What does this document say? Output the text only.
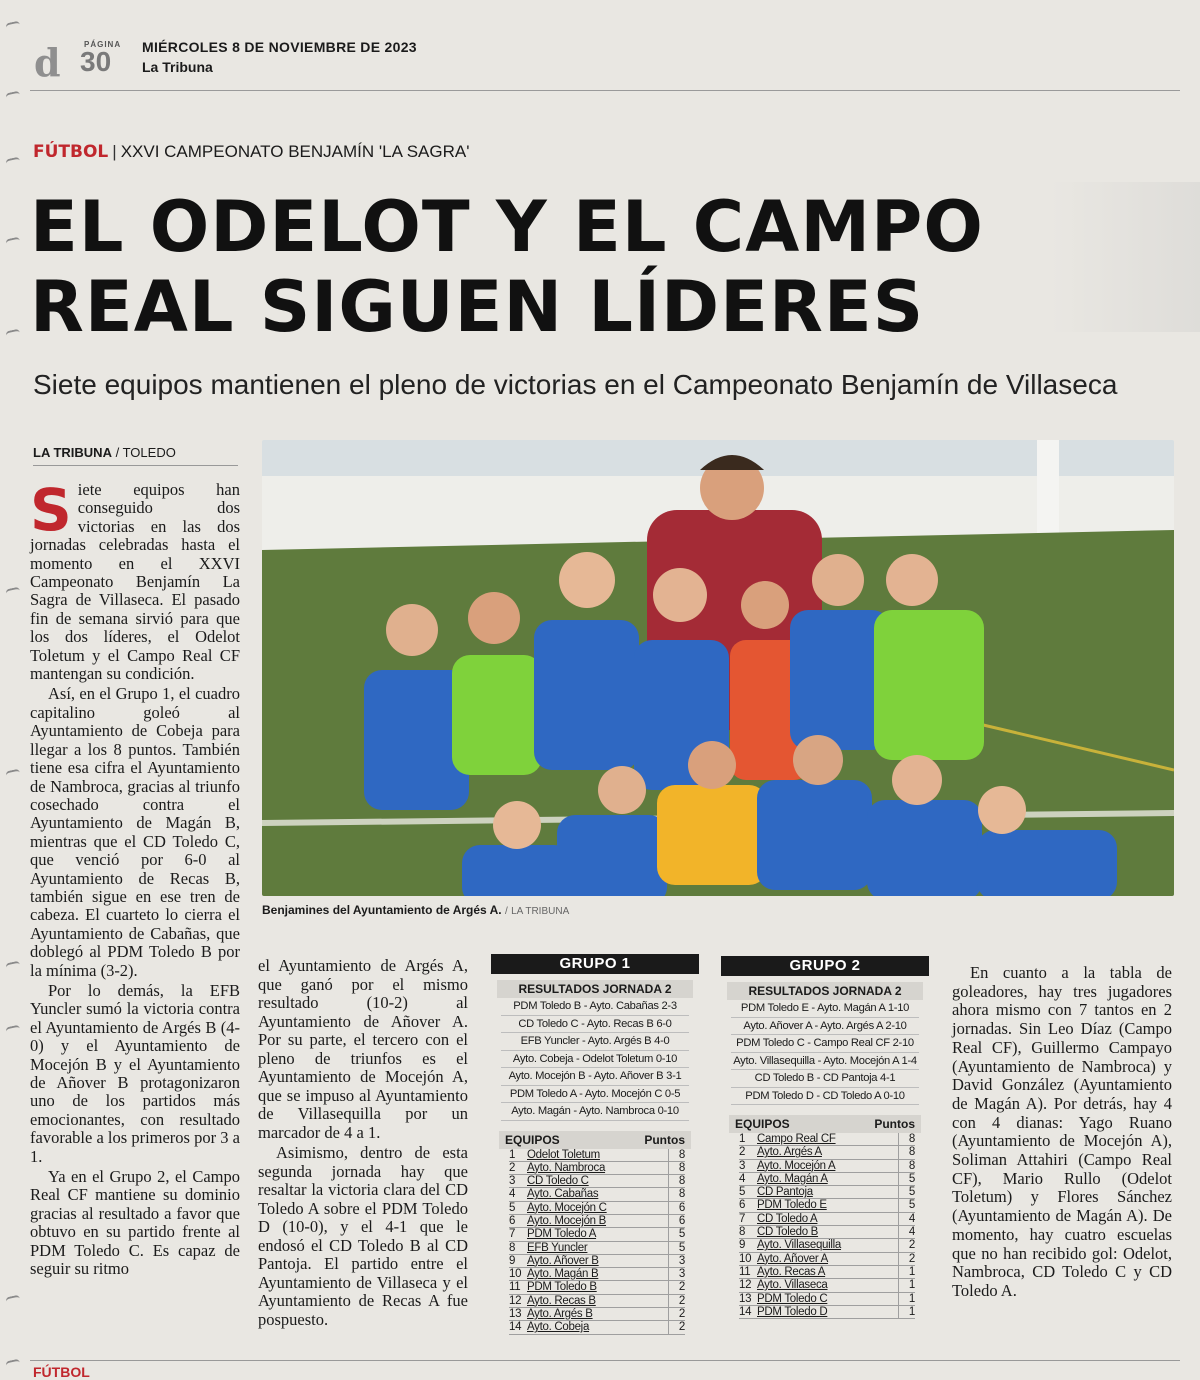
d	PÁGINA
30 MIÉRCOLES 8 DE NOVIEMBRE DE 2023
La Tribuna
FÚTBOL | XXVI CAMPEONATO BENJAMÍN 'LA SAGRA'
EL ODELOT Y EL CAMPO
REAL SIGUEN LÍDERES
Siete equipos mantienen el pleno de victorias en el Campeonato Benjamín de Villaseca
LA TRIBUNA / TOLEDO

Siete equipos han conseguido dos victorias en las dos jornadas celebradas hasta el momento en el XXVI Campeonato Benjamín La Sagra de Villaseca. El pasado fin de semana sirvió para que los dos líderes, el Odelot Toletum y el Campo Real CF mantengan su condición.

Así, en el Grupo 1, el cuadro capitalino goleó al Ayuntamiento de Cobeja para llegar a los 8 puntos. También tiene esa cifra el Ayuntamiento de Nambroca, gracias al triunfo cosechado contra el Ayuntamiento de Magán B, mientras que el CD Toledo C, que venció por 6-0 al Ayuntamiento de Recas B, también sigue en ese tren de cabeza. El cuarteto lo cierra el Ayuntamiento de Cabañas, que doblegó al PDM Toledo B por la mínima (3-2).

Por lo demás, la EFB Yuncler sumó la victoria contra el Ayuntamiento de Argés B (4-0) y el Ayuntamiento de Mocejón B y el Ayuntamiento de Añover B protagonizaron uno de los partidos más emocionantes, con resultado favorable a los primeros por 3 a 1.

Ya en el Grupo 2, el Campo Real CF mantiene su dominio gracias al resultado a favor que obtuvo en su partido frente al PDM Toledo C. Es capaz de seguir su ritmo

Benjamines del Ayuntamiento de Argés A. / LA TRIBUNA

el Ayuntamiento de Argés A, que ganó por el mismo resultado (10-2) al Ayuntamiento de Añover A. Por su parte, el tercero con el pleno de triunfos es el Ayuntamiento de Mocejón A, que se impuso al Ayuntamiento de Villasequilla por un marcador de 4 a 1.

Asimismo, dentro de esta segunda jornada hay que resaltar la victoria clara del CD Toledo A sobre el PDM Toledo D (10-0), y el 4-1 que le endosó el CD Toledo B al CD Pantoja. El partido entre el Ayuntamiento de Villaseca y el Ayuntamiento de Recas A fue pospuesto.

GRUPO 1
RESULTADOS JORNADA 2
PDM Toledo B - Ayto. Cabañas 2-3
CD Toledo C - Ayto. Recas B 6-0
EFB Yuncler - Ayto. Argés B 4-0
Ayto. Cobeja - Odelot Toletum 0-10
Ayto. Mocejón B - Ayto. Añover B 3-1
PDM Toledo A - Ayto. Mocejón C 0-5
Ayto. Magán - Ayto. Nambroca 0-10
EQUIPOS	Puntos
1	Odelot Toletum	8
2	Ayto. Nambroca	8
3	CD Toledo C	8
4	Ayto. Cabañas	8
5	Ayto. Mocejón C	6
6	Ayto. Mocejón B	6
7	PDM Toledo A	5
8	EFB Yuncler	5
9	Ayto. Añover B	3
10 Ayto. Magán B	3
11 PDM Toledo B	2
12 Ayto. Recas B	2
13 Ayto. Argés B	2
14 Ayto. Cobeja	2
GRUPO 2
RESULTADOS JORNADA 2
PDM Toledo E - Ayto. Magán A 1-10
Ayto. Añover A - Ayto. Argés A 2-10
PDM Toledo C - Campo Real CF 2-10
Ayto. Villasequilla - Ayto. Mocejón A 1-4
CD Toledo B - CD Pantoja 4-1
PDM Toledo D - CD Toledo A 0-10
EQUIPOS	Puntos
1	Campo Real CF	8
2	Ayto. Argés A	8
3	Ayto. Mocejón A	8
4	Ayto. Magán A	5
5	CD Pantoja	5
6	PDM Toledo E	5
7	CD Toledo A	4
8	CD Toledo B	4
9	Ayto. Villasequilla	2
10 Ayto. Añover A	2
11 Ayto. Recas A	1
12 Ayto. Villaseca	1
13 PDM Toledo C	1
14 PDM Toledo D	1

En cuanto a la tabla de goleadores, hay tres jugadores ahora mismo con 7 tantos en 2 jornadas. Sin Leo Díaz (Campo Real CF), Guillermo Campayo (Ayuntamiento de Nambroca) y David González (Ayuntamiento de Magán A). Por detrás, hay 4 con 4 dianas: Yago Ruano (Ayuntamiento de Mocejón A), Soliman Attahiri (Campo Real CF), Mario Rullo (Odelot Toletum) y Flores Sánchez (Ayuntamiento de Magán A). De momento, hay cuatro escuelas que no han recibido gol: Odelot, Nambroca, CD Toledo C y CD Toledo A.

FÚTBOL
